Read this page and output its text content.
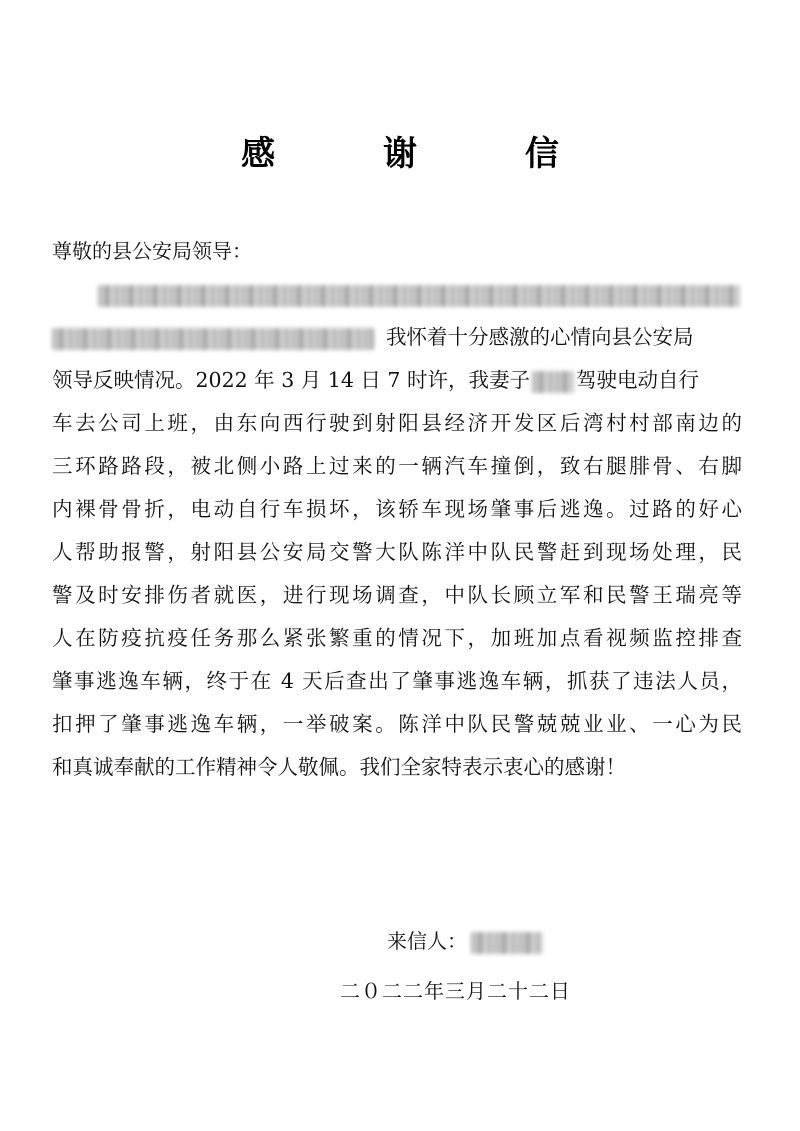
感 谢 信
尊敬的县公安局领导：
我怀着十分感激的心情向县公安局
领导反映情况。2022 年 3 月 14 日 7 时许，我妻子 驾驶电动自行
车去公司上班，由东向西行驶到射阳县经济开发区后湾村村部南边的
三环路路段，被北侧小路上过来的一辆汽车撞倒，致右腿腓骨、右脚
内裸骨骨折，电动自行车损坏，该轿车现场肇事后逃逸。过路的好心
人帮助报警，射阳县公安局交警大队陈洋中队民警赶到现场处理，民
警及时安排伤者就医，进行现场调查，中队长顾立军和民警王瑞亮等
人在防疫抗疫任务那么紧张繁重的情况下，加班加点看视频监控排查
肇事逃逸车辆，终于在 4 天后查出了肇事逃逸车辆，抓获了违法人员，
扣押了肇事逃逸车辆，一举破案。陈洋中队民警兢兢业业、一心为民
和真诚奉献的工作精神令人敬佩。我们全家特表示衷心的感谢！
来信人：
二０二二年三月二十二日
